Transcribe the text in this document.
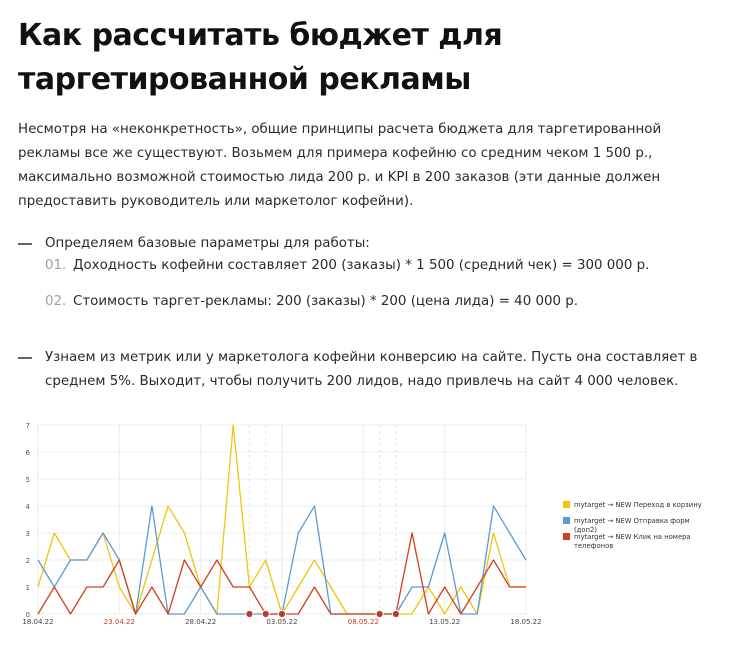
Как рассчитать бюджет для
таргетированной рекламы
Несмотря на «неконкретность», общие принципы расчета бюджета для таргетированной
рекламы все же существуют. Возьмем для примера кофейню со средним чеком 1 500 р.,
максимально возможной стоимостью лида 200 р. и KPI в 200 заказов (эти данные должен
предоставить руководитель или маркетолог кофейни).
Определяем базовые параметры для работы:
01. Доходность кофейни составляет 200 (заказы) * 1 500 (средний чек) = 300 000 р.
02. Стоимость таргет-рекламы: 200 (заказы) * 200 (цена лида) = 40 000 р.
Узнаем из метрик или у маркетолога кофейни конверсию на сайте. Пусть она составляет в
среднем 5%. Выходит, чтобы получить 200 лидов, надо привлечь на сайт 4 000 человек.
0
1
2
3
4
5
6
7
18.04.22	23.04.22	28.04.22	03.05.22	08.05.22	13.05.22	18.05.22
mytarget → NEW Переход в корзину
mytarget → NEW Отправка форм (доп2)
mytarget → NEW Клик на номера телефонов
